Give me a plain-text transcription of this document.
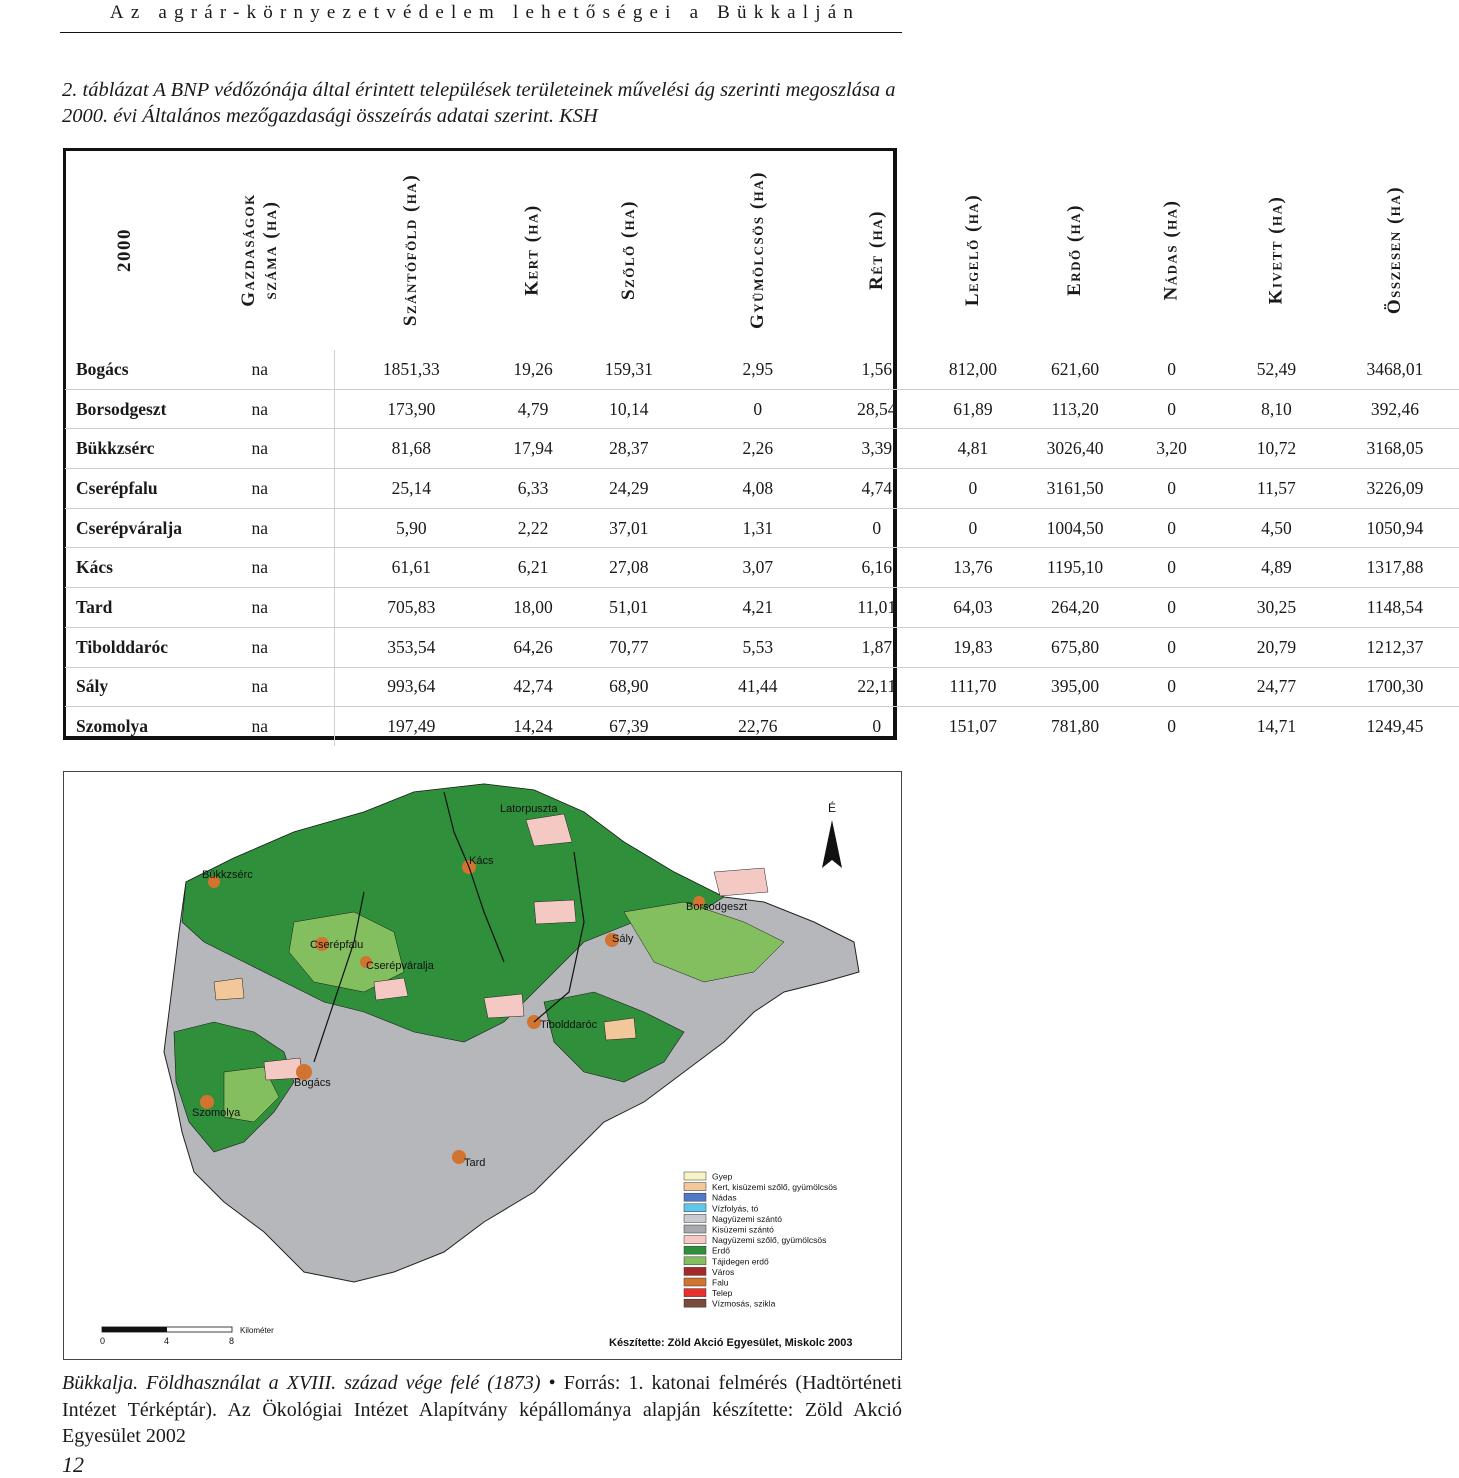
Az agrár-környezetvédelem lehetőségei a Bükkalján
2. táblázat A BNP védőzónája által érintett települések területeinek művelési ág szerinti megoszlása a 2000. évi Általános mezőgazdasági összeírás adatai szerint. KSH
2000	Gazdaságok száma (ha)	Szántóföld (ha)	Kert (ha)	Szőlő (ha)	Gyümölcsös (ha)	Rét (ha)	Legelő (ha)	Erdő (ha)	Nádas (ha)	Kivett (ha)	Összesen (ha)
Bogács	na	1851,33	19,26	159,31	2,95	1,56	812,00	621,60	0	52,49	3468,01
Borsodgeszt	na	173,90	4,79	10,14	0	28,54	61,89	113,20	0	8,10	392,46
Bükkzsérc	na	81,68	17,94	28,37	2,26	3,39	4,81	3026,40	3,20	10,72	3168,05
Cserépfalu	na	25,14	6,33	24,29	4,08	4,74	0	3161,50	0	11,57	3226,09
Cserépváralja	na	5,90	2,22	37,01	1,31	0	0	1004,50	0	4,50	1050,94
Kács	na	61,61	6,21	27,08	3,07	6,16	13,76	1195,10	0	4,89	1317,88
Tard	na	705,83	18,00	51,01	4,21	11,01	64,03	264,20	0	30,25	1148,54
Tibolddaróc	na	353,54	64,26	70,77	5,53	1,87	19,83	675,80	0	20,79	1212,37
Sály	na	993,64	42,74	68,90	41,44	22,11	111,70	395,00	0	24,77	1700,30
Szomolya	na	197,49	14,24	67,39	22,76	0	151,07	781,80	0	14,71	1249,45
Latorpuszta
Kács
Bükkzsérc
Borsodgeszt
Cserépfalu	Sály
Cserépváralja
Tibolddaróc
Bogács
Szomolya
Tard
É
Gyep
Kert, kisüzemi szőlő, gyümölcsös
Nádas
Vízfolyás, tó
Nagyüzemi szántó
Kisüzemi szántó
Nagyüzemi szőlő, gyümölcsös
Erdő
Tájidegen erdő
Város
Falu
Telep
Vízmosás, szikla
0	4	8
Kilométer
Készítette: Zöld Akció Egyesület, Miskolc 2003
Bükkalja. Földhasználat a XVIII. század vége felé (1873) • Forrás: 1. katonai felmérés (Hadtörténeti Intézet Térképtár). Az Ökológiai Intézet Alapítvány képállománya alapján készítette: Zöld Akció Egyesület 2002
12
